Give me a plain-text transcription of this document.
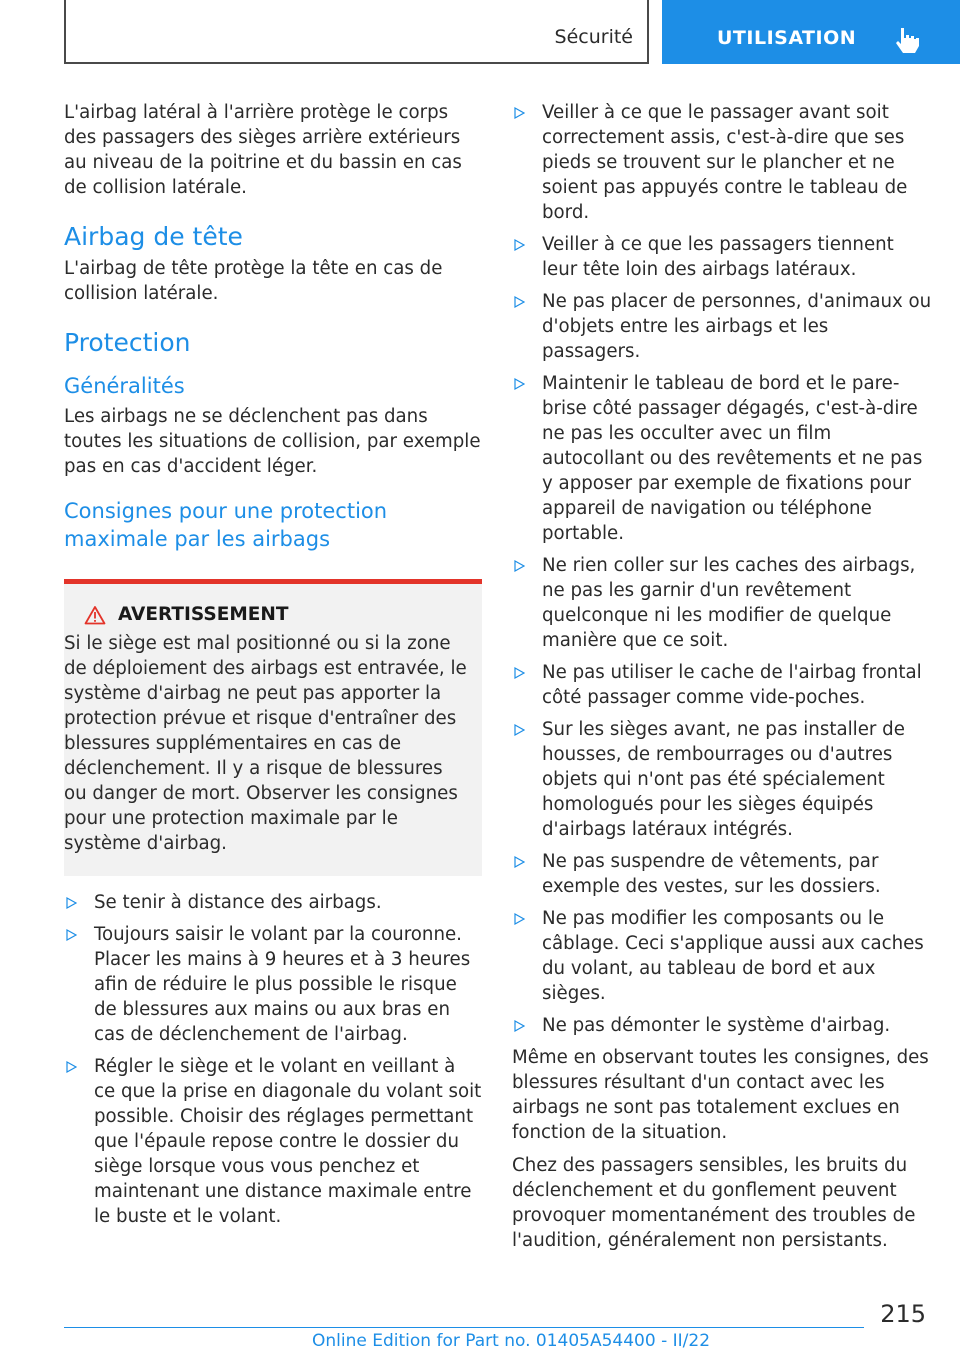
Sécurité	UTILISATION

L'airbag latéral à l'arrière protège le corps des passagers des sièges arrière extérieurs au niveau de la poitrine et du bassin en cas de collision latérale.

Airbag de tête

L'airbag de tête protège la tête en cas de collision latérale.

Protection
Généralités

Les airbags ne se déclenchent pas dans toutes les situations de collision, par exemple pas en cas d'accident léger.

Consignes pour une protection maximale par les airbags
AVERTISSEMENT

Si le siège est mal positionné ou si la zone de déploiement des airbags est entravée, le système d'airbag ne peut pas apporter la protection prévue et risque d'entraîner des blessures supplémentaires en cas de déclenchement. Il y a risque de blessures ou danger de mort. Observer les consignes pour une protection maximale par le système d'airbag.

Se tenir à distance des airbags.
Toujours saisir le volant par la couronne. Placer les mains à 9 heures et à 3 heures afin de réduire le plus possible le risque de blessures aux mains ou aux bras en cas de déclenchement de l'airbag.
Régler le siège et le volant en veillant à ce que la prise en diagonale du volant soit possible. Choisir des réglages permettant que l'épaule repose contre le dossier du siège lorsque vous vous penchez et maintenant une distance maximale entre le buste et le volant.
Veiller à ce que le passager avant soit correctement assis, c'est-à-dire que ses pieds se trouvent sur le plancher et ne soient pas appuyés contre le tableau de bord.
Veiller à ce que les passagers tiennent leur tête loin des airbags latéraux.
Ne pas placer de personnes, d'animaux ou d'objets entre les airbags et les passagers.
Maintenir le tableau de bord et le pare-brise côté passager dégagés, c'est-à-dire ne pas les occulter avec un film autocollant ou des revêtements et ne pas y apposer par exemple de fixations pour appareil de navigation ou téléphone portable.
Ne rien coller sur les caches des airbags, ne pas les garnir d'un revêtement quelconque ni les modifier de quelque manière que ce soit.
Ne pas utiliser le cache de l'airbag frontal côté passager comme vide-poches.
Sur les sièges avant, ne pas installer de housses, de rembourrages ou d'autres objets qui n'ont pas été spécialement homologués pour les sièges équipés d'airbags latéraux intégrés.
Ne pas suspendre de vêtements, par exemple des vestes, sur les dossiers.
Ne pas modifier les composants ou le câblage. Ceci s'applique aussi aux caches du volant, au tableau de bord et aux sièges.
Ne pas démonter le système d'airbag.

Même en observant toutes les consignes, des blessures résultant d'un contact avec les airbags ne sont pas totalement exclues en fonction de la situation.

Chez des passagers sensibles, les bruits du déclenchement et du gonflement peuvent provoquer momentanément des troubles de l'audition, généralement non persistants.

215
Online Edition for Part no. 01405A54400 - II/22
